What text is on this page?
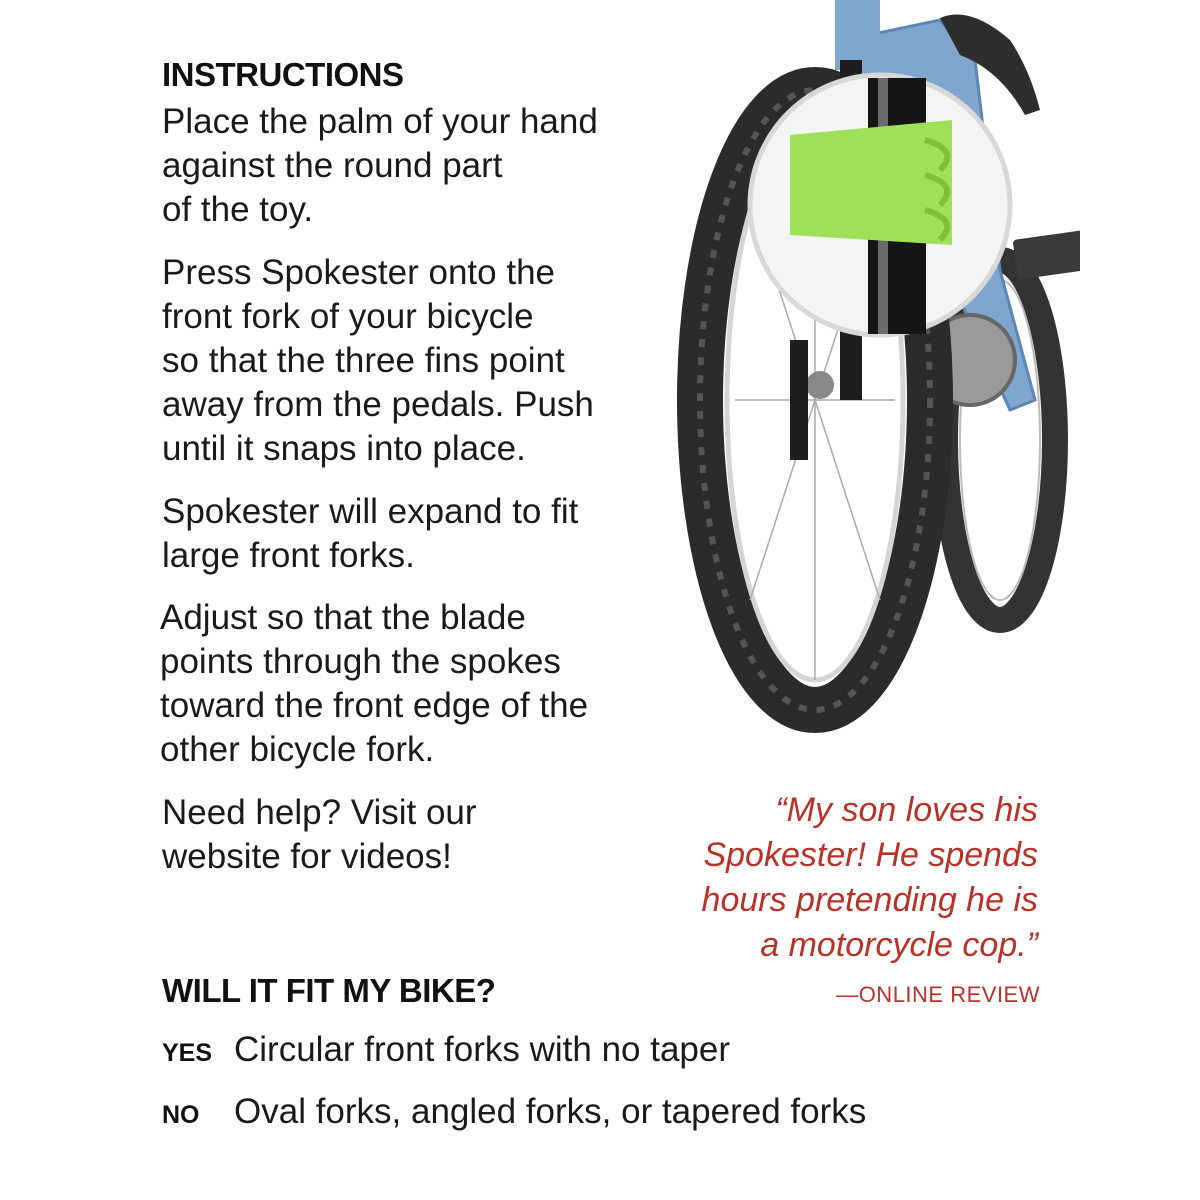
INSTRUCTIONS
Place the palm of your hand
against the round part
of the toy.
Press Spokester onto the
front fork of your bicycle
so that the three fins point
away from the pedals. Push
until it snaps into place.
Spokester will expand to fit
large front forks.
Adjust so that the blade
points through the spokes
toward the front edge of the
other bicycle fork.
Need help? Visit our
website for videos!
“My son loves his
Spokester! He spends
hours pretending he is
a motorcycle cop.”
—ONLINE REVIEW
WILL IT FIT MY BIKE?
YES Circular front forks with no taper
NO Oval forks, angled forks, or tapered forks
